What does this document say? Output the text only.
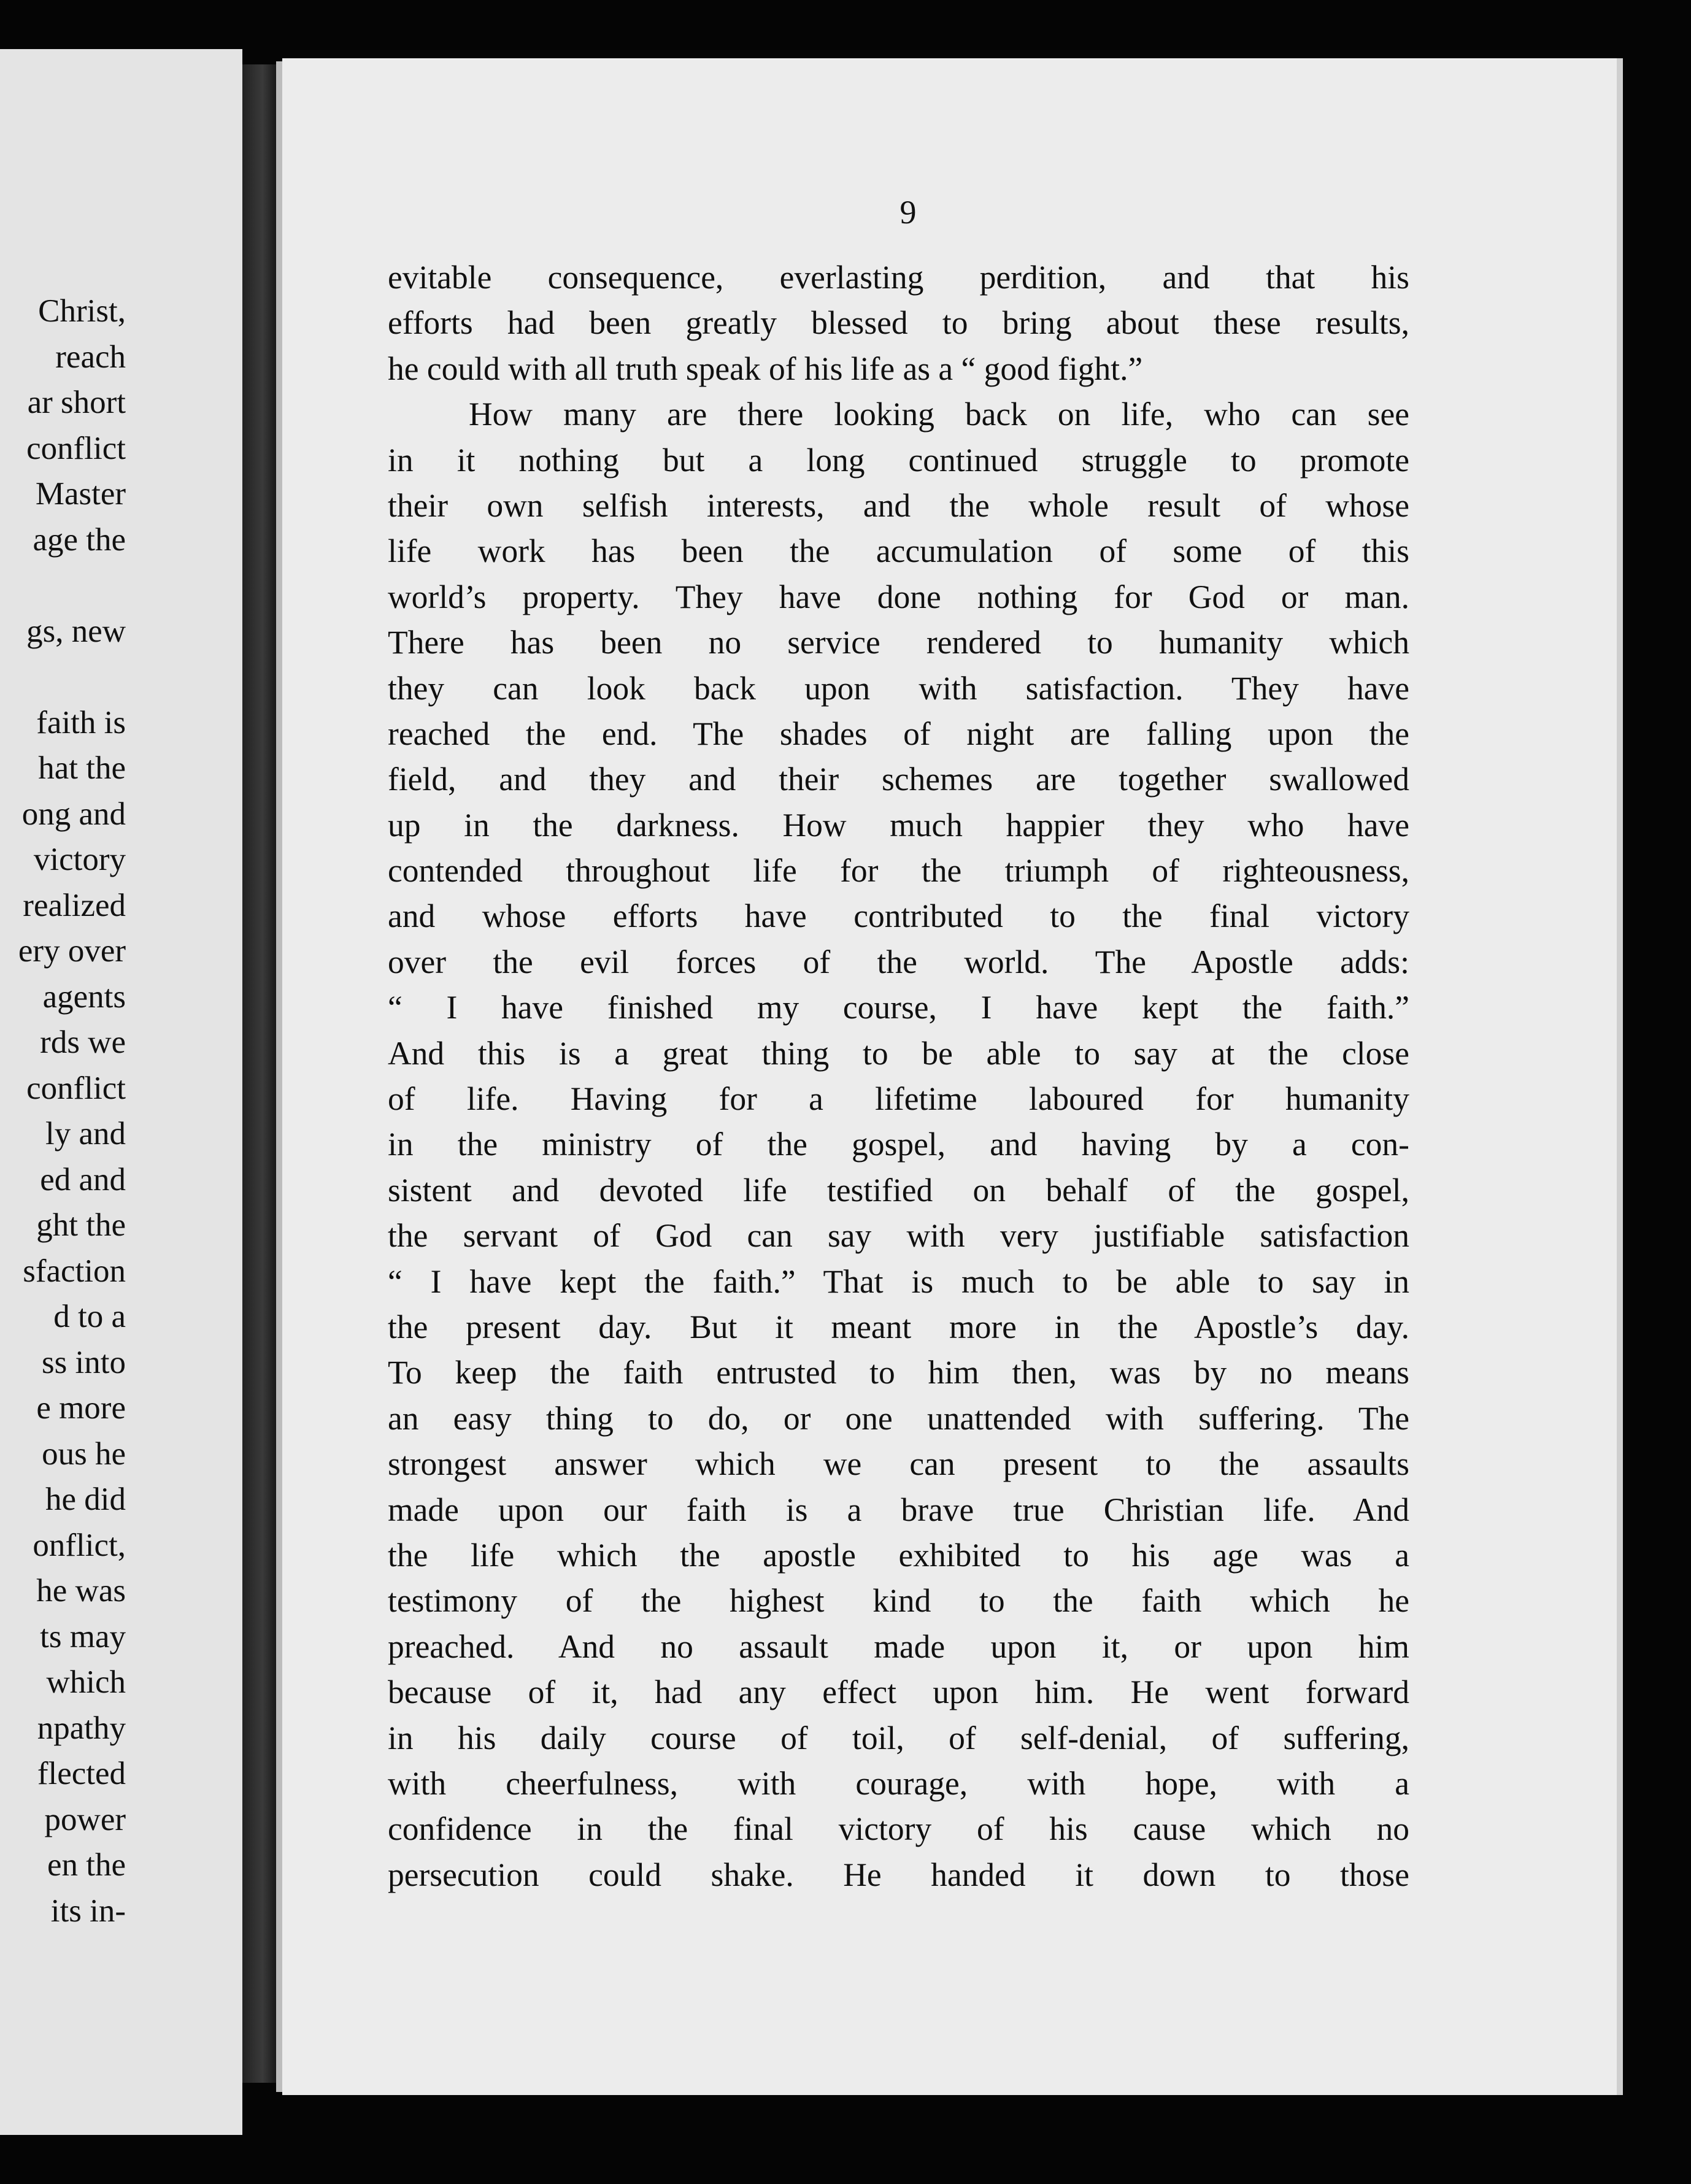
Christ,
reach
ar short
conflict
Master
age the
gs, new
faith is
hat the
ong and
victory
realized
ery over
agents
rds we
conflict
ly and
ed and
ght the
sfaction
d to a
ss into
e more
ous he
he did
onflict,
he was
ts may
which
npathy
flected
power
en the
its in-
9
evitable consequence, everlasting perdition, and that his
efforts had been greatly blessed to bring about these results,
he could with all truth speak of his life as a “ good fight.”
How many are there looking back on life, who can see
in it nothing but a long continued struggle to promote
their own selfish interests, and the whole result of whose
life work has been the accumulation of some of this
world’s property. They have done nothing for God or man.
There has been no service rendered to humanity which
they can look back upon with satisfaction. They have
reached the end. The shades of night are falling upon the
field, and they and their schemes are together swallowed
up in the darkness. How much happier they who have
contended throughout life for the triumph of righteousness,
and whose efforts have contributed to the final victory
over the evil forces of the world. The Apostle adds:
“ I have finished my course, I have kept the faith.”
And this is a great thing to be able to say at the close
of life. Having for a lifetime laboured for humanity
in the ministry of the gospel, and having by a con-
sistent and devoted life testified on behalf of the gospel,
the servant of God can say with very justifiable satisfaction
“ I have kept the faith.” That is much to be able to say in
the present day. But it meant more in the Apostle’s day.
To keep the faith entrusted to him then, was by no means
an easy thing to do, or one unattended with suffering. The
strongest answer which we can present to the assaults
made upon our faith is a brave true Christian life. And
the life which the apostle exhibited to his age was a
testimony of the highest kind to the faith which he
preached. And no assault made upon it, or upon him
because of it, had any effect upon him. He went forward
in his daily course of toil, of self-denial, of suffering,
with cheerfulness, with courage, with hope, with a
confidence in the final victory of his cause which no
persecution could shake. He handed it down to those
